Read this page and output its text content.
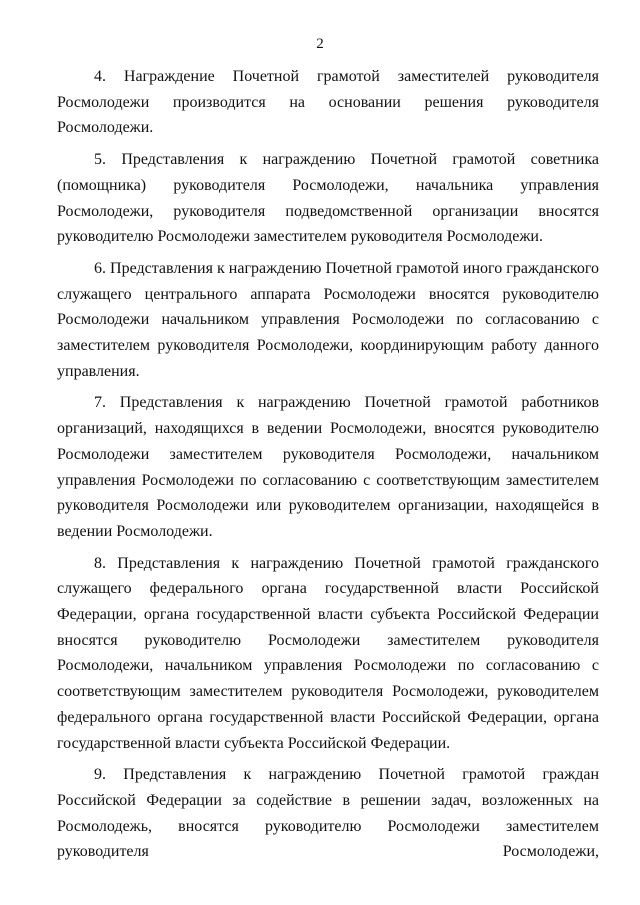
2

4. Награждение Почетной грамотой заместителей руководителя Росмолодежи производится на основании решения руководителя Росмолодежи.

5. Представления к награждению Почетной грамотой советника (помощника) руководителя Росмолодежи, начальника управления Росмолодежи, руководителя подведомственной организации вносятся руководителю Росмолодежи заместителем руководителя Росмолодежи.

6. Представления к награждению Почетной грамотой иного гражданского служащего центрального аппарата Росмолодежи вносятся руководителю Росмолодежи начальником управления Росмолодежи по согласованию с заместителем руководителя Росмолодежи, координирующим работу данного управления.

7. Представления к награждению Почетной грамотой работников организаций, находящихся в ведении Росмолодежи, вносятся руководителю Росмолодежи заместителем руководителя Росмолодежи, начальником управления Росмолодежи по согласованию с соответствующим заместителем руководителя Росмолодежи или руководителем организации, находящейся в ведении Росмолодежи.

8. Представления к награждению Почетной грамотой гражданского служащего федерального органа государственной власти Российской Федерации, органа государственной власти субъекта Российской Федерации вносятся руководителю Росмолодежи заместителем руководителя Росмолодежи, начальником управления Росмолодежи по согласованию с соответствующим заместителем руководителя Росмолодежи, руководителем федерального органа государственной власти Российской Федерации, органа государственной власти субъекта Российской Федерации.

9. Представления к награждению Почетной грамотой граждан Российской Федерации за содействие в решении задач, возложенных на Росмолодежь, вносятся руководителю Росмолодежи заместителем руководителя Росмолодежи,
